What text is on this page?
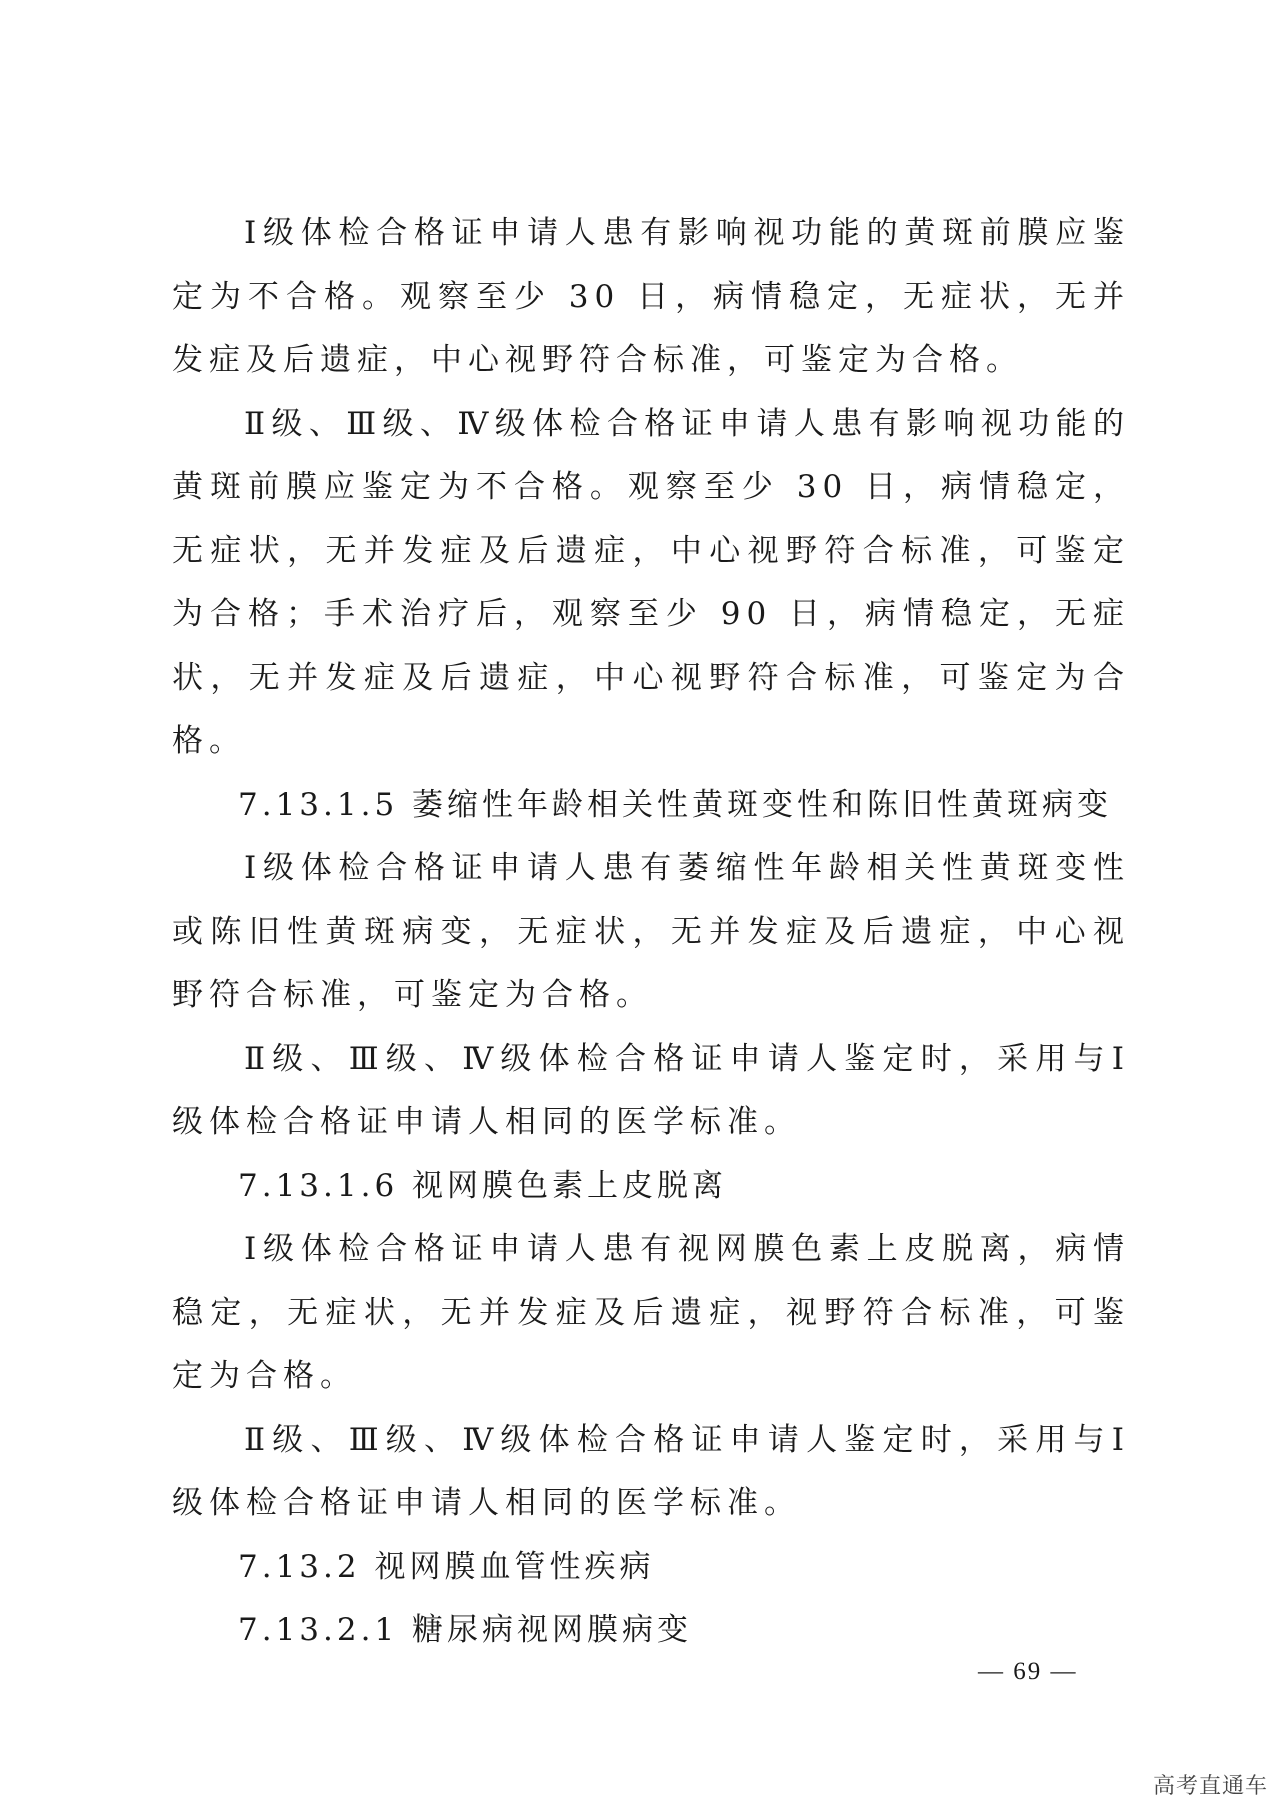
Ⅰ级体检合格证申请人患有影响视功能的黄斑前膜应鉴定为不合格。观察至少 30 日，病情稳定，无症状，无并发症及后遗症，中心视野符合标准，可鉴定为合格。

Ⅱ级、Ⅲ级、Ⅳ级体检合格证申请人患有影响视功能的黄斑前膜应鉴定为不合格。观察至少 30 日，病情稳定，无症状，无并发症及后遗症，中心视野符合标准，可鉴定为合格；手术治疗后，观察至少 90 日，病情稳定，无症状，无并发症及后遗症，中心视野符合标准，可鉴定为合格。

7.13.1.5 萎缩性年龄相关性黄斑变性和陈旧性黄斑病变

Ⅰ级体检合格证申请人患有萎缩性年龄相关性黄斑变性或陈旧性黄斑病变，无症状，无并发症及后遗症，中心视野符合标准，可鉴定为合格。

Ⅱ级、Ⅲ级、Ⅳ级体检合格证申请人鉴定时，采用与Ⅰ级体检合格证申请人相同的医学标准。

7.13.1.6 视网膜色素上皮脱离

Ⅰ级体检合格证申请人患有视网膜色素上皮脱离，病情稳定，无症状，无并发症及后遗症，视野符合标准，可鉴定为合格。

Ⅱ级、Ⅲ级、Ⅳ级体检合格证申请人鉴定时，采用与Ⅰ级体检合格证申请人相同的医学标准。

7.13.2 视网膜血管性疾病

7.13.2.1 糖尿病视网膜病变

— 69 —
高考直通车
